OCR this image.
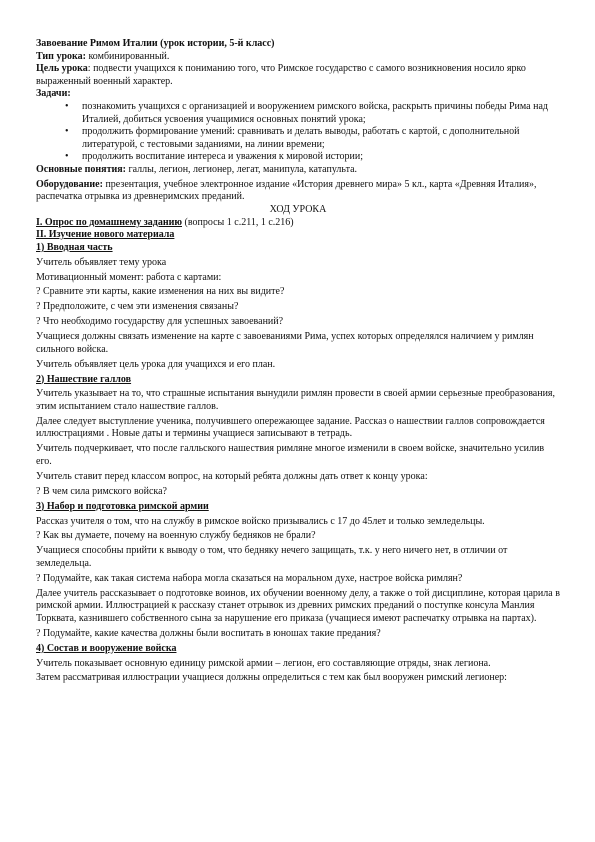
Завоевание Римом Италии (урок истории, 5-й класс)

Тип урока: комбинированный.

Цель урока: подвести учащихся к пониманию того, что Римское государство с самого возникновения носило ярко выраженный военный характер.

Задачи:

• познакомить учащихся с организацией и вооружением римского войска, раскрыть причины победы Рима над Италией, добиться усвоения учащимися основных понятий урока;
• продолжить формирование умений: сравнивать и делать выводы, работать с картой, с дополнительной литературой, с тестовыми заданиями, на линии времени;
• продолжить воспитание интереса и уважения к мировой истории;

Основные понятия: галлы, легион, легионер, легат, манипула, катапульта.

Оборудование: презентация, учебное электронное издание «История древнего мира» 5 кл., карта «Древняя Италия», распечатка отрывка из древнеримских преданий.

ХОД УРОКА

I. Опрос по домашнему заданию (вопросы 1 с.211, 1 с.216)

II. Изучение нового материала

1) Вводная часть

Учитель объявляет тему урока

Мотивационный момент: работа с картами:

? Сравните эти карты, какие изменения на них вы видите?

? Предположите, с чем эти изменения связаны?

? Что необходимо государству для успешных завоеваний?

Учащиеся должны связать изменение на карте с завоеваниями Рима, успех которых определялся наличием у римлян сильного войска.

Учитель объявляет цель урока для учащихся и его план.

2) Нашествие галлов

Учитель указывает на то, что страшные испытания вынудили римлян провести в своей армии серьезные преобразования, этим испытанием стало нашествие галлов.

Далее следует выступление ученика, получившего опережающее задание. Рассказ о нашествии галлов сопровождается иллюстрациями . Новые даты и термины учащиеся записывают в тетрадь.

Учитель подчеркивает, что после галльского нашествия римляне многое изменили в своем войске, значительно усилив его.

Учитель ставит перед классом вопрос, на который ребята должны дать ответ к концу урока:

? В чем сила римского войска?

3) Набор и подготовка римской армии

Рассказ учителя о том, что на службу в римское войско призывались с 17 до 45лет и только земледельцы.

? Как вы думаете, почему на военную службу бедняков не брали?

Учащиеся способны прийти к выводу о том, что бедняку нечего защищать, т.к. у него ничего нет, в отличии от земледельца.

? Подумайте, как такая система набора могла сказаться на моральном духе, настрое войска римлян?

Далее учитель рассказывает о подготовке воинов, их обучении военному делу, а также о той дисциплине, которая царила в римской армии. Иллюстрацией к рассказу станет отрывок из древних римских преданий о поступке консула Манлия Торквата, казнившего собственного сына за нарушение его приказа (учащиеся имеют распечатку отрывка на партах).

? Подумайте, какие качества должны были воспитать в юношах такие предания?

4) Состав и вооружение войска

Учитель показывает основную единицу римской армии – легион, его составляющие отряды, знак легиона.

Затем рассматривая иллюстрации учащиеся должны определиться с тем как был вооружен римский легионер:
